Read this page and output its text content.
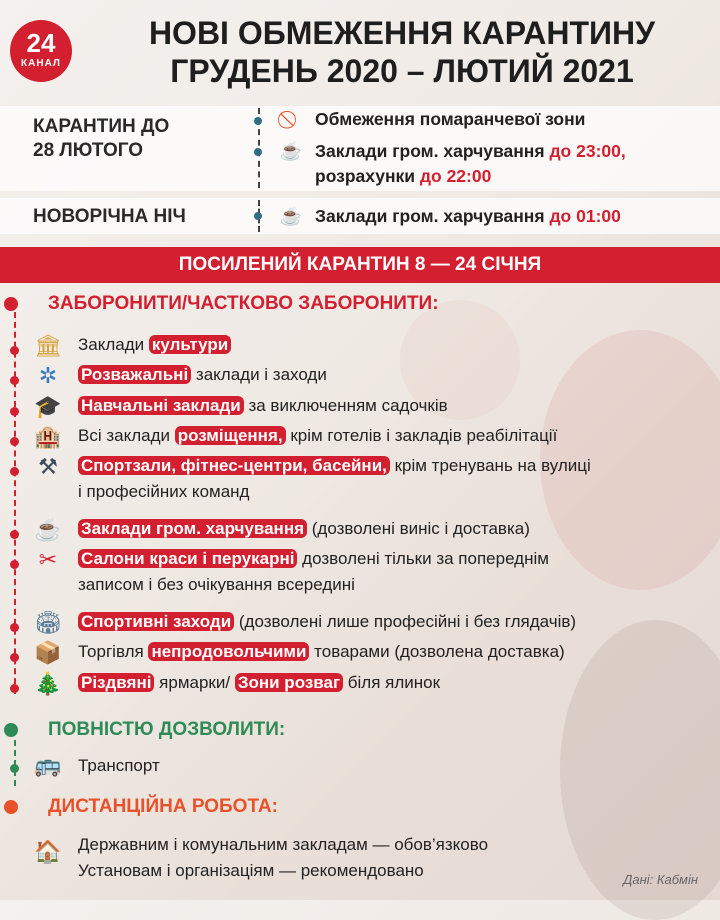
24
КАНАЛ
НОВІ ОБМЕЖЕННЯ КАРАНТИНУ
ГРУДЕНЬ 2020 – ЛЮТИЙ 2021
КАРАНТИН ДО
28 ЛЮТОГО
Обмеження помаранчевої зони
☕ Заклади гром. харчування до 23:00,
розрахунки до 22:00
НОВОРІЧНА НІЧ	☕ Заклади гром. харчування до 01:00
ПОСИЛЕНИЙ КАРАНТИН 8 — 24 СІЧНЯ
ЗАБОРОНИТИ/ЧАСТКОВО ЗАБОРОНИТИ:
🏛 Заклади культури
✲	Розважальні заклади і заходи
🎓 Навчальні заклади за виключенням садочків
🏨 Всі заклади розміщення, крім готелів і закладів реабілітації
⚒	Спортзали, фітнес-центри, басейни, крім тренувань на вулиці
і професійних команд
☕ Заклади гром. харчування (дозволені виніс і доставка)
✂	Салони краси і перукарні дозволені тільки за попереднім
записом і без очікування всередині
🏟 Спортивні заходи (дозволені лише професійні і без глядачів)
📦 Торгівля непродовольчими товарами (дозволена доставка)
🎄 Різдвяні ярмарки/ Зони розваг біля ялинок
ПОВНІСТЮ ДОЗВОЛИТИ:
🚌 Транспорт
ДИСТАНЦІЙНА РОБОТА:
🏠 Державним і комунальним закладам — обов’язково
Установам і організаціям — рекомендовано	Дані: Кабмін
